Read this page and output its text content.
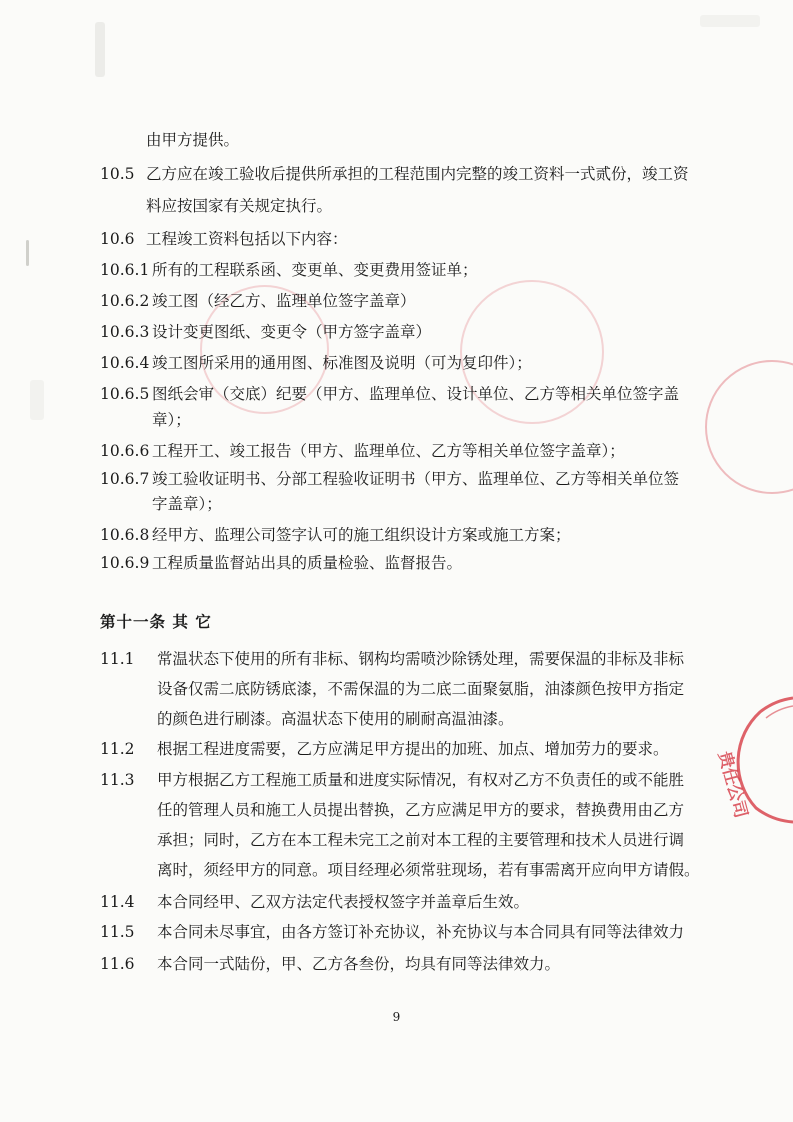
贵任公司
由甲方提供。
10.5 乙方应在竣工验收后提供所承担的工程范围内完整的竣工资料一式贰份，竣工资
料应按国家有关规定执行。
10.6 工程竣工资料包括以下内容：
10.6.1 所有的工程联系函、变更单、变更费用签证单；
10.6.2 竣工图（经乙方、监理单位签字盖章）
10.6.3 设计变更图纸、变更令（甲方签字盖章）
10.6.4 竣工图所采用的通用图、标准图及说明（可为复印件）；
10.6.5 图纸会审（交底）纪要（甲方、监理单位、设计单位、乙方等相关单位签字盖
章）；
10.6.6 工程开工、竣工报告（甲方、监理单位、乙方等相关单位签字盖章）；
10.6.7 竣工验收证明书、分部工程验收证明书（甲方、监理单位、乙方等相关单位签
字盖章）；
10.6.8 经甲方、监理公司签字认可的施工组织设计方案或施工方案；
10.6.9 工程质量监督站出具的质量检验、监督报告。
第十一条 其 它
11.1 常温状态下使用的所有非标、钢构均需喷沙除锈处理，需要保温的非标及非标
设备仅需二底防锈底漆，不需保温的为二底二面聚氨脂，油漆颜色按甲方指定
的颜色进行刷漆。高温状态下使用的刷耐高温油漆。
11.2 根据工程进度需要，乙方应满足甲方提出的加班、加点、增加劳力的要求。
11.3 甲方根据乙方工程施工质量和进度实际情况，有权对乙方不负责任的或不能胜
任的管理人员和施工人员提出替换，乙方应满足甲方的要求，替换费用由乙方
承担；同时，乙方在本工程未完工之前对本工程的主要管理和技术人员进行调
离时，须经甲方的同意。项目经理必须常驻现场，若有事需离开应向甲方请假。
11.4 本合同经甲、乙双方法定代表授权签字并盖章后生效。
11.5 本合同未尽事宜，由各方签订补充协议，补充协议与本合同具有同等法律效力
11.6 本合同一式陆份，甲、乙方各叁份，均具有同等法律效力。
9
